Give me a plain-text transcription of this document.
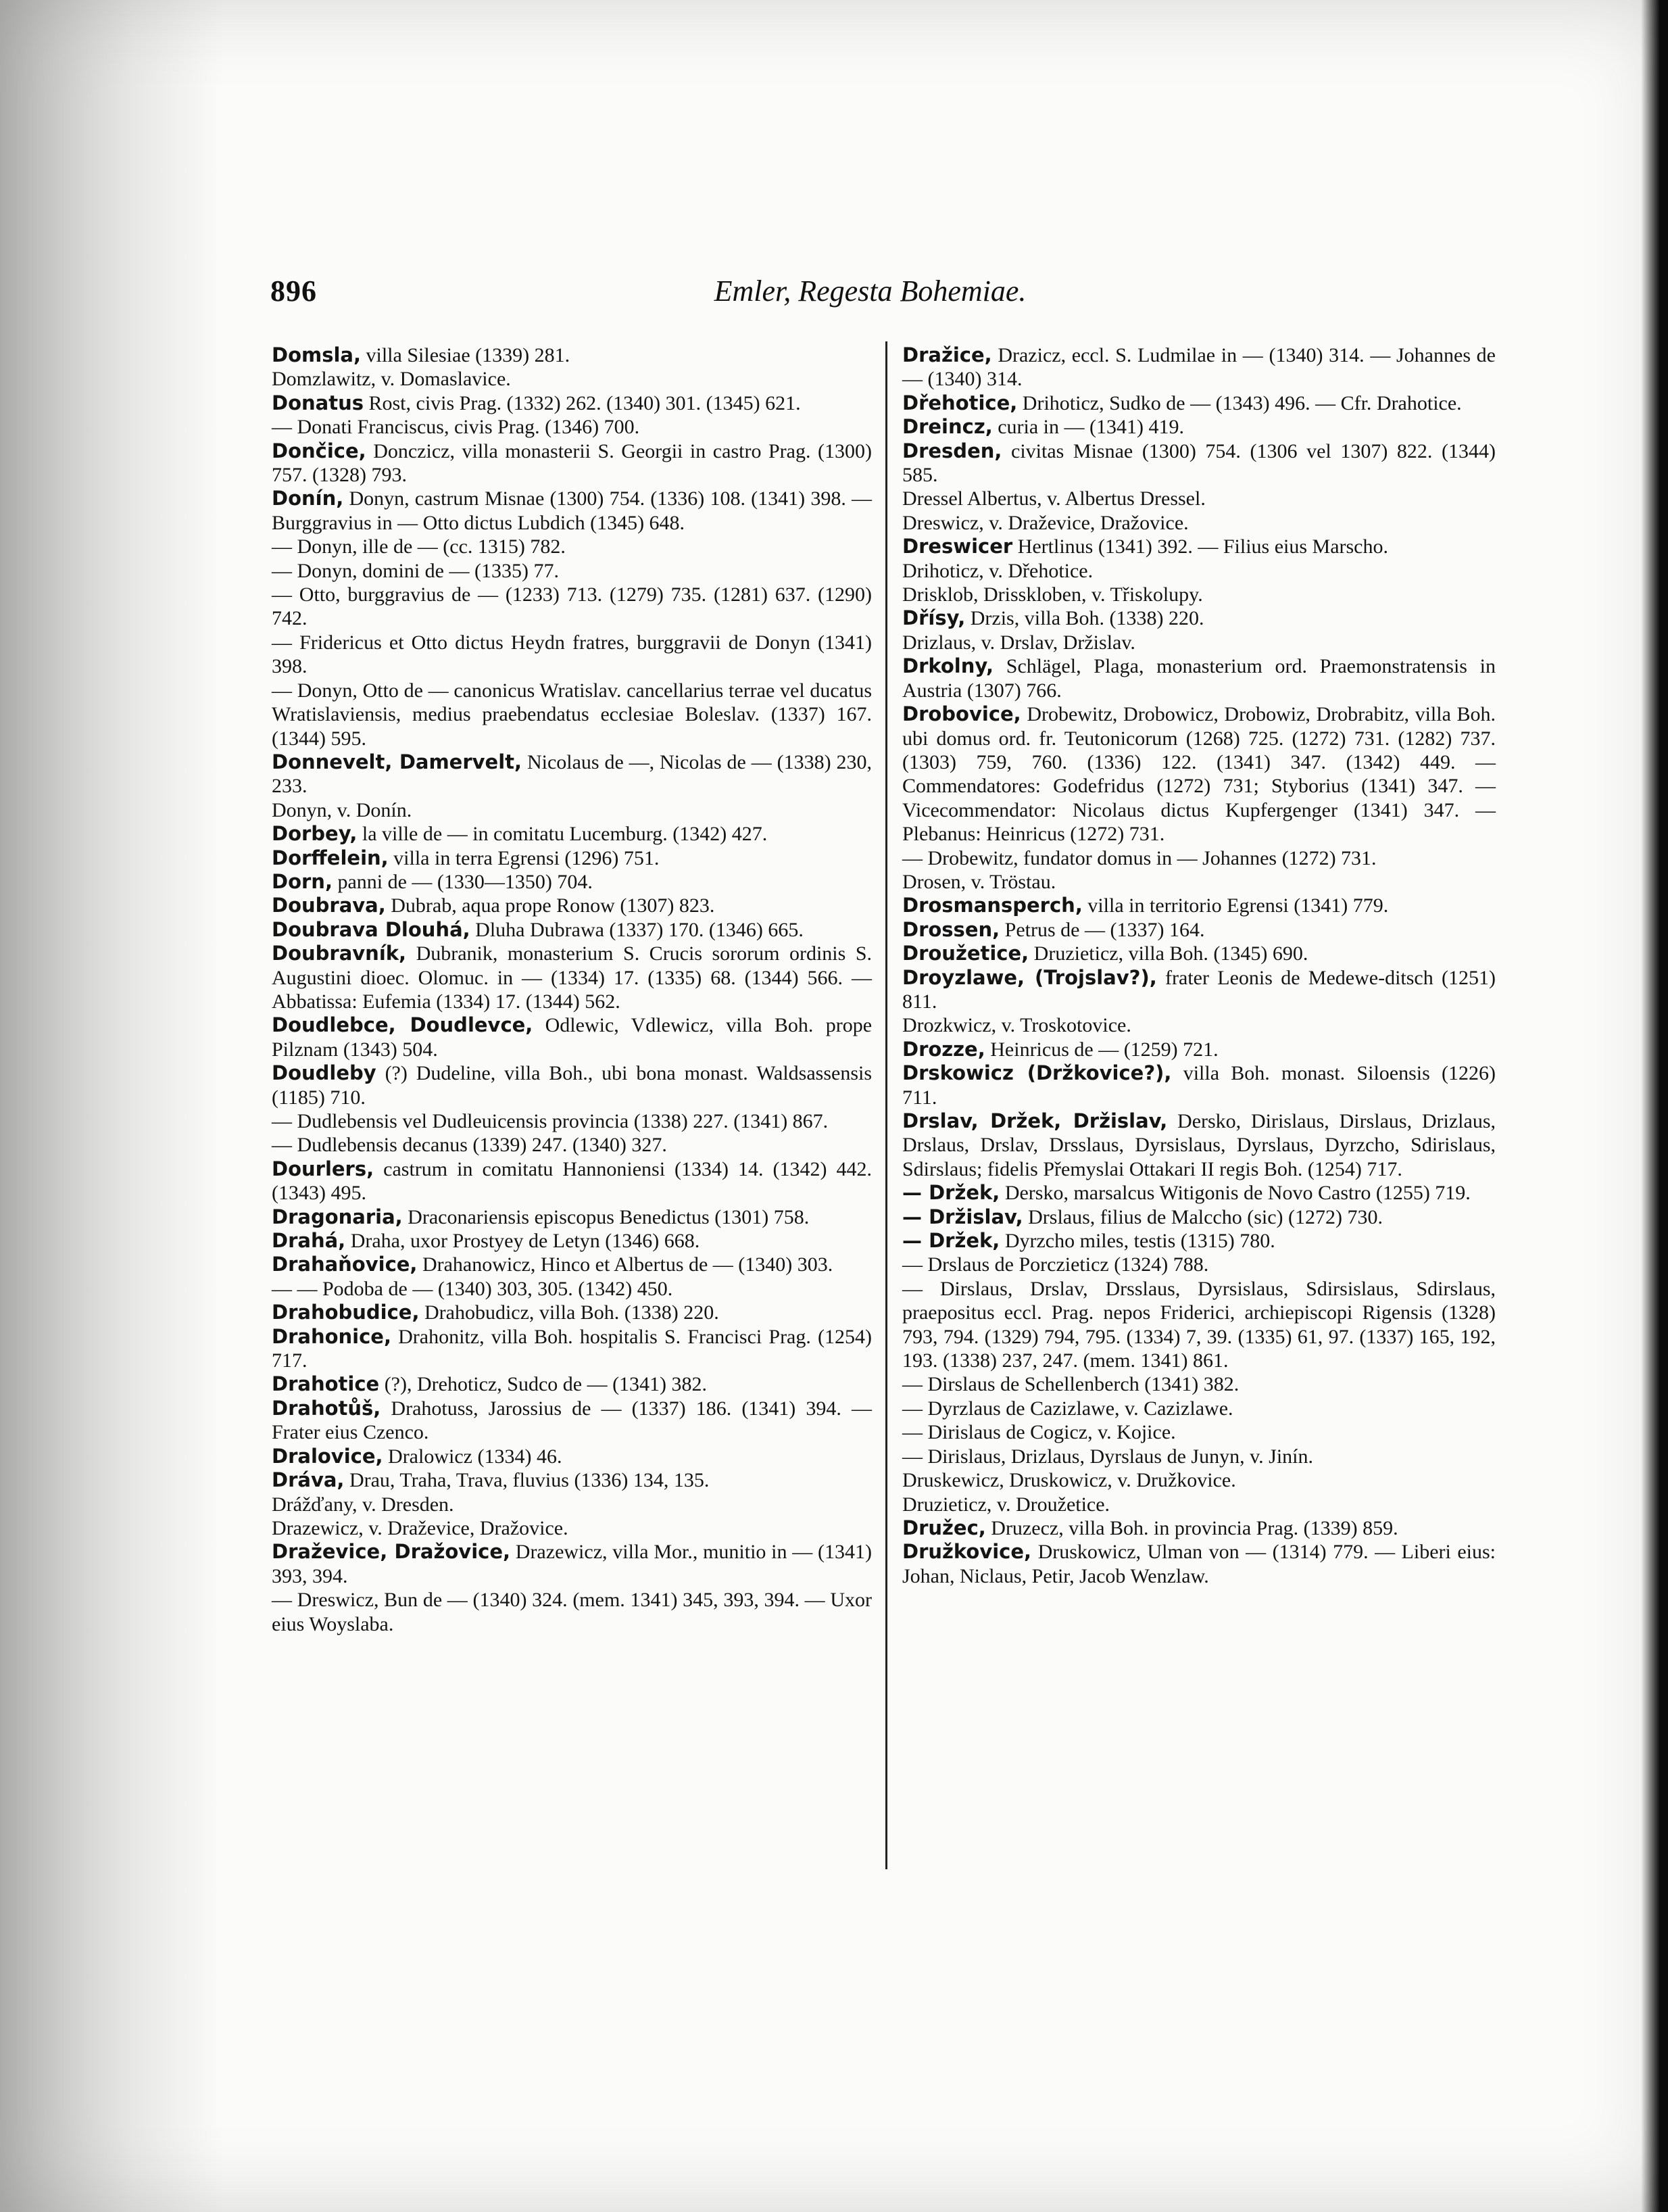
896	Emler, Regesta Bohemiae.

Domsla, villa Silesiae (1339) 281.

Domzlawitz, v. Domaslavice.

Donatus Rost, civis Prag. (1332) 262. (1340) 301. (1345) 621.

— Donati Franciscus, civis Prag. (1346) 700.

Dončice, Donczicz, villa monasterii S. Georgii in castro Prag. (1300) 757. (1328) 793.

Donín, Donyn, castrum Misnae (1300) 754. (1336) 108. (1341) 398. — Burggravius in — Otto dictus Lubdich (1345) 648.

— Donyn, ille de — (cc. 1315) 782.

— Donyn, domini de — (1335) 77.

— Otto, burggravius de — (1233) 713. (1279) 735. (1281) 637. (1290) 742.

— Fridericus et Otto dictus Heydn fratres, burggravii de Donyn (1341) 398.

— Donyn, Otto de — canonicus Wratislav. cancellarius terrae vel ducatus Wratislaviensis, medius praebendatus ecclesiae Boleslav. (1337) 167. (1344) 595.

Donnevelt, Damervelt, Nicolaus de —, Nicolas de — (1338) 230, 233.

Donyn, v. Donín.

Dorbey, la ville de — in comitatu Lucemburg. (1342) 427.

Dorffelein, villa in terra Egrensi (1296) 751.

Dorn, panni de — (1330—1350) 704.

Doubrava, Dubrab, aqua prope Ronow (1307) 823.

Doubrava Dlouhá, Dluha Dubrawa (1337) 170. (1346) 665.

Doubravník, Dubranik, monasterium S. Crucis sororum ordinis S. Augustini dioec. Olomuc. in — (1334) 17. (1335) 68. (1344) 566. — Abbatissa: Eufemia (1334) 17. (1344) 562.

Doudlebce, Doudlevce, Odlewic, Vdlewicz, villa Boh. prope Pilznam (1343) 504.

Doudleby (?) Dudeline, villa Boh., ubi bona monast. Waldsassensis (1185) 710.

— Dudlebensis vel Dudleuicensis provincia (1338) 227. (1341) 867.

— Dudlebensis decanus (1339) 247. (1340) 327.

Dourlers, castrum in comitatu Hannoniensi (1334) 14. (1342) 442. (1343) 495.

Dragonaria, Draconariensis episcopus Benedictus (1301) 758.

Drahá, Draha, uxor Prostyey de Letyn (1346) 668.

Drahaňovice, Drahanowicz, Hinco et Albertus de — (1340) 303.

— — Podoba de — (1340) 303, 305. (1342) 450.

Drahobudice, Drahobudicz, villa Boh. (1338) 220.

Drahonice, Drahonitz, villa Boh. hospitalis S. Francisci Prag. (1254) 717.

Drahotice (?), Drehoticz, Sudco de — (1341) 382.

Drahotůš, Drahotuss, Jarossius de — (1337) 186. (1341) 394. — Frater eius Czenco.

Dralovice, Dralowicz (1334) 46.

Dráva, Drau, Traha, Trava, fluvius (1336) 134, 135.

Drážďany, v. Dresden.

Drazewicz, v. Draževice, Dražovice.

Draževice, Dražovice, Drazewicz, villa Mor., munitio in — (1341) 393, 394.

— Dreswicz, Bun de — (1340) 324. (mem. 1341) 345, 393, 394. — Uxor eius Woyslaba.

Dražice, Drazicz, eccl. S. Ludmilae in — (1340) 314. — Johannes de — (1340) 314.

Dřehotice, Drihoticz, Sudko de — (1343) 496. — Cfr. Drahotice.

Dreincz, curia in — (1341) 419.

Dresden, civitas Misnae (1300) 754. (1306 vel 1307) 822. (1344) 585.

Dressel Albertus, v. Albertus Dressel.

Dreswicz, v. Draževice, Dražovice.

Dreswicer Hertlinus (1341) 392. — Filius eius Marscho.

Drihoticz, v. Dřehotice.

Drisklob, Drisskloben, v. Třiskolupy.

Dřísy, Drzis, villa Boh. (1338) 220.

Drizlaus, v. Drslav, Držislav.

Drkolny, Schlägel, Plaga, monasterium ord. Praemonstratensis in Austria (1307) 766.

Drobovice, Drobewitz, Drobowicz, Drobowiz, Drobrabitz, villa Boh. ubi domus ord. fr. Teutonicorum (1268) 725. (1272) 731. (1282) 737. (1303) 759, 760. (1336) 122. (1341) 347. (1342) 449. — Commendatores: Godefridus (1272) 731; Styborius (1341) 347. — Vicecommendator: Nicolaus dictus Kupfergenger (1341) 347. — Plebanus: Heinricus (1272) 731.

— Drobewitz, fundator domus in — Johannes (1272) 731.

Drosen, v. Tröstau.

Drosmansperch, villa in territorio Egrensi (1341) 779.

Drossen, Petrus de — (1337) 164.

Droužetice, Druzieticz, villa Boh. (1345) 690.

Droyzlawe, (Trojslav?), frater Leonis de Medewe-ditsch (1251) 811.

Drozkwicz, v. Troskotovice.

Drozze, Heinricus de — (1259) 721.

Drskowicz (Držkovice?), villa Boh. monast. Siloensis (1226) 711.

Drslav, Držek, Držislav, Dersko, Dirislaus, Dirslaus, Drizlaus, Drslaus, Drslav, Drsslaus, Dyrsislaus, Dyrslaus, Dyrzcho, Sdirislaus, Sdirslaus; fidelis Přemyslai Ottakari II regis Boh. (1254) 717.

— Držek, Dersko, marsalcus Witigonis de Novo Castro (1255) 719.

— Držislav, Drslaus, filius de Malccho (sic) (1272) 730.

— Držek, Dyrzcho miles, testis (1315) 780.

— Drslaus de Porczieticz (1324) 788.

— Dirslaus, Drslav, Drsslaus, Dyrsislaus, Sdirsislaus, Sdirslaus, praepositus eccl. Prag. nepos Friderici, archiepiscopi Rigensis (1328) 793, 794. (1329) 794, 795. (1334) 7, 39. (1335) 61, 97. (1337) 165, 192, 193. (1338) 237, 247. (mem. 1341) 861.

— Dirslaus de Schellenberch (1341) 382.

— Dyrzlaus de Cazizlawe, v. Cazizlawe.

— Dirislaus de Cogicz, v. Kojice.

— Dirislaus, Drizlaus, Dyrslaus de Junyn, v. Jinín.

Druskewicz, Druskowicz, v. Družkovice.

Druzieticz, v. Droužetice.

Družec, Druzecz, villa Boh. in provincia Prag. (1339) 859.

Družkovice, Druskowicz, Ulman von — (1314) 779. — Liberi eius: Johan, Niclaus, Petir, Jacob Wenzlaw.
